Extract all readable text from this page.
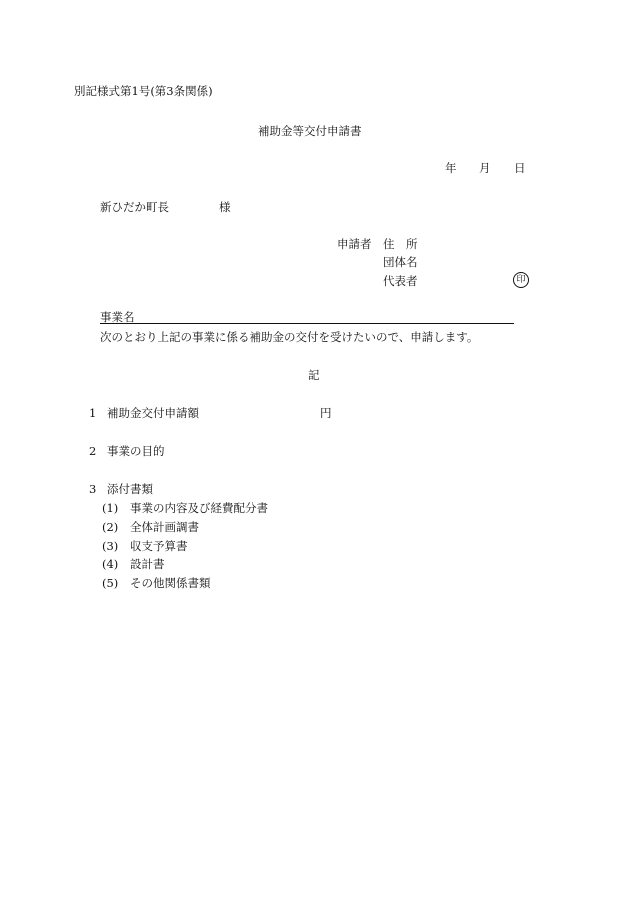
別記様式第1号(第3条関係)
補助金等交付申請書
年 月 日
新ひだか町長	様
申請者 住　所
団体名
代表者	印
事業名
次のとおり上記の事業に係る補助金の交付を受けたいので、申請します。
記
1 補助金交付申請額	円
2 事業の目的
3 添付書類
(1) 事業の内容及び経費配分書
(2) 全体計画調書
(3) 収支予算書
(4) 設計書
(5) その他関係書類
